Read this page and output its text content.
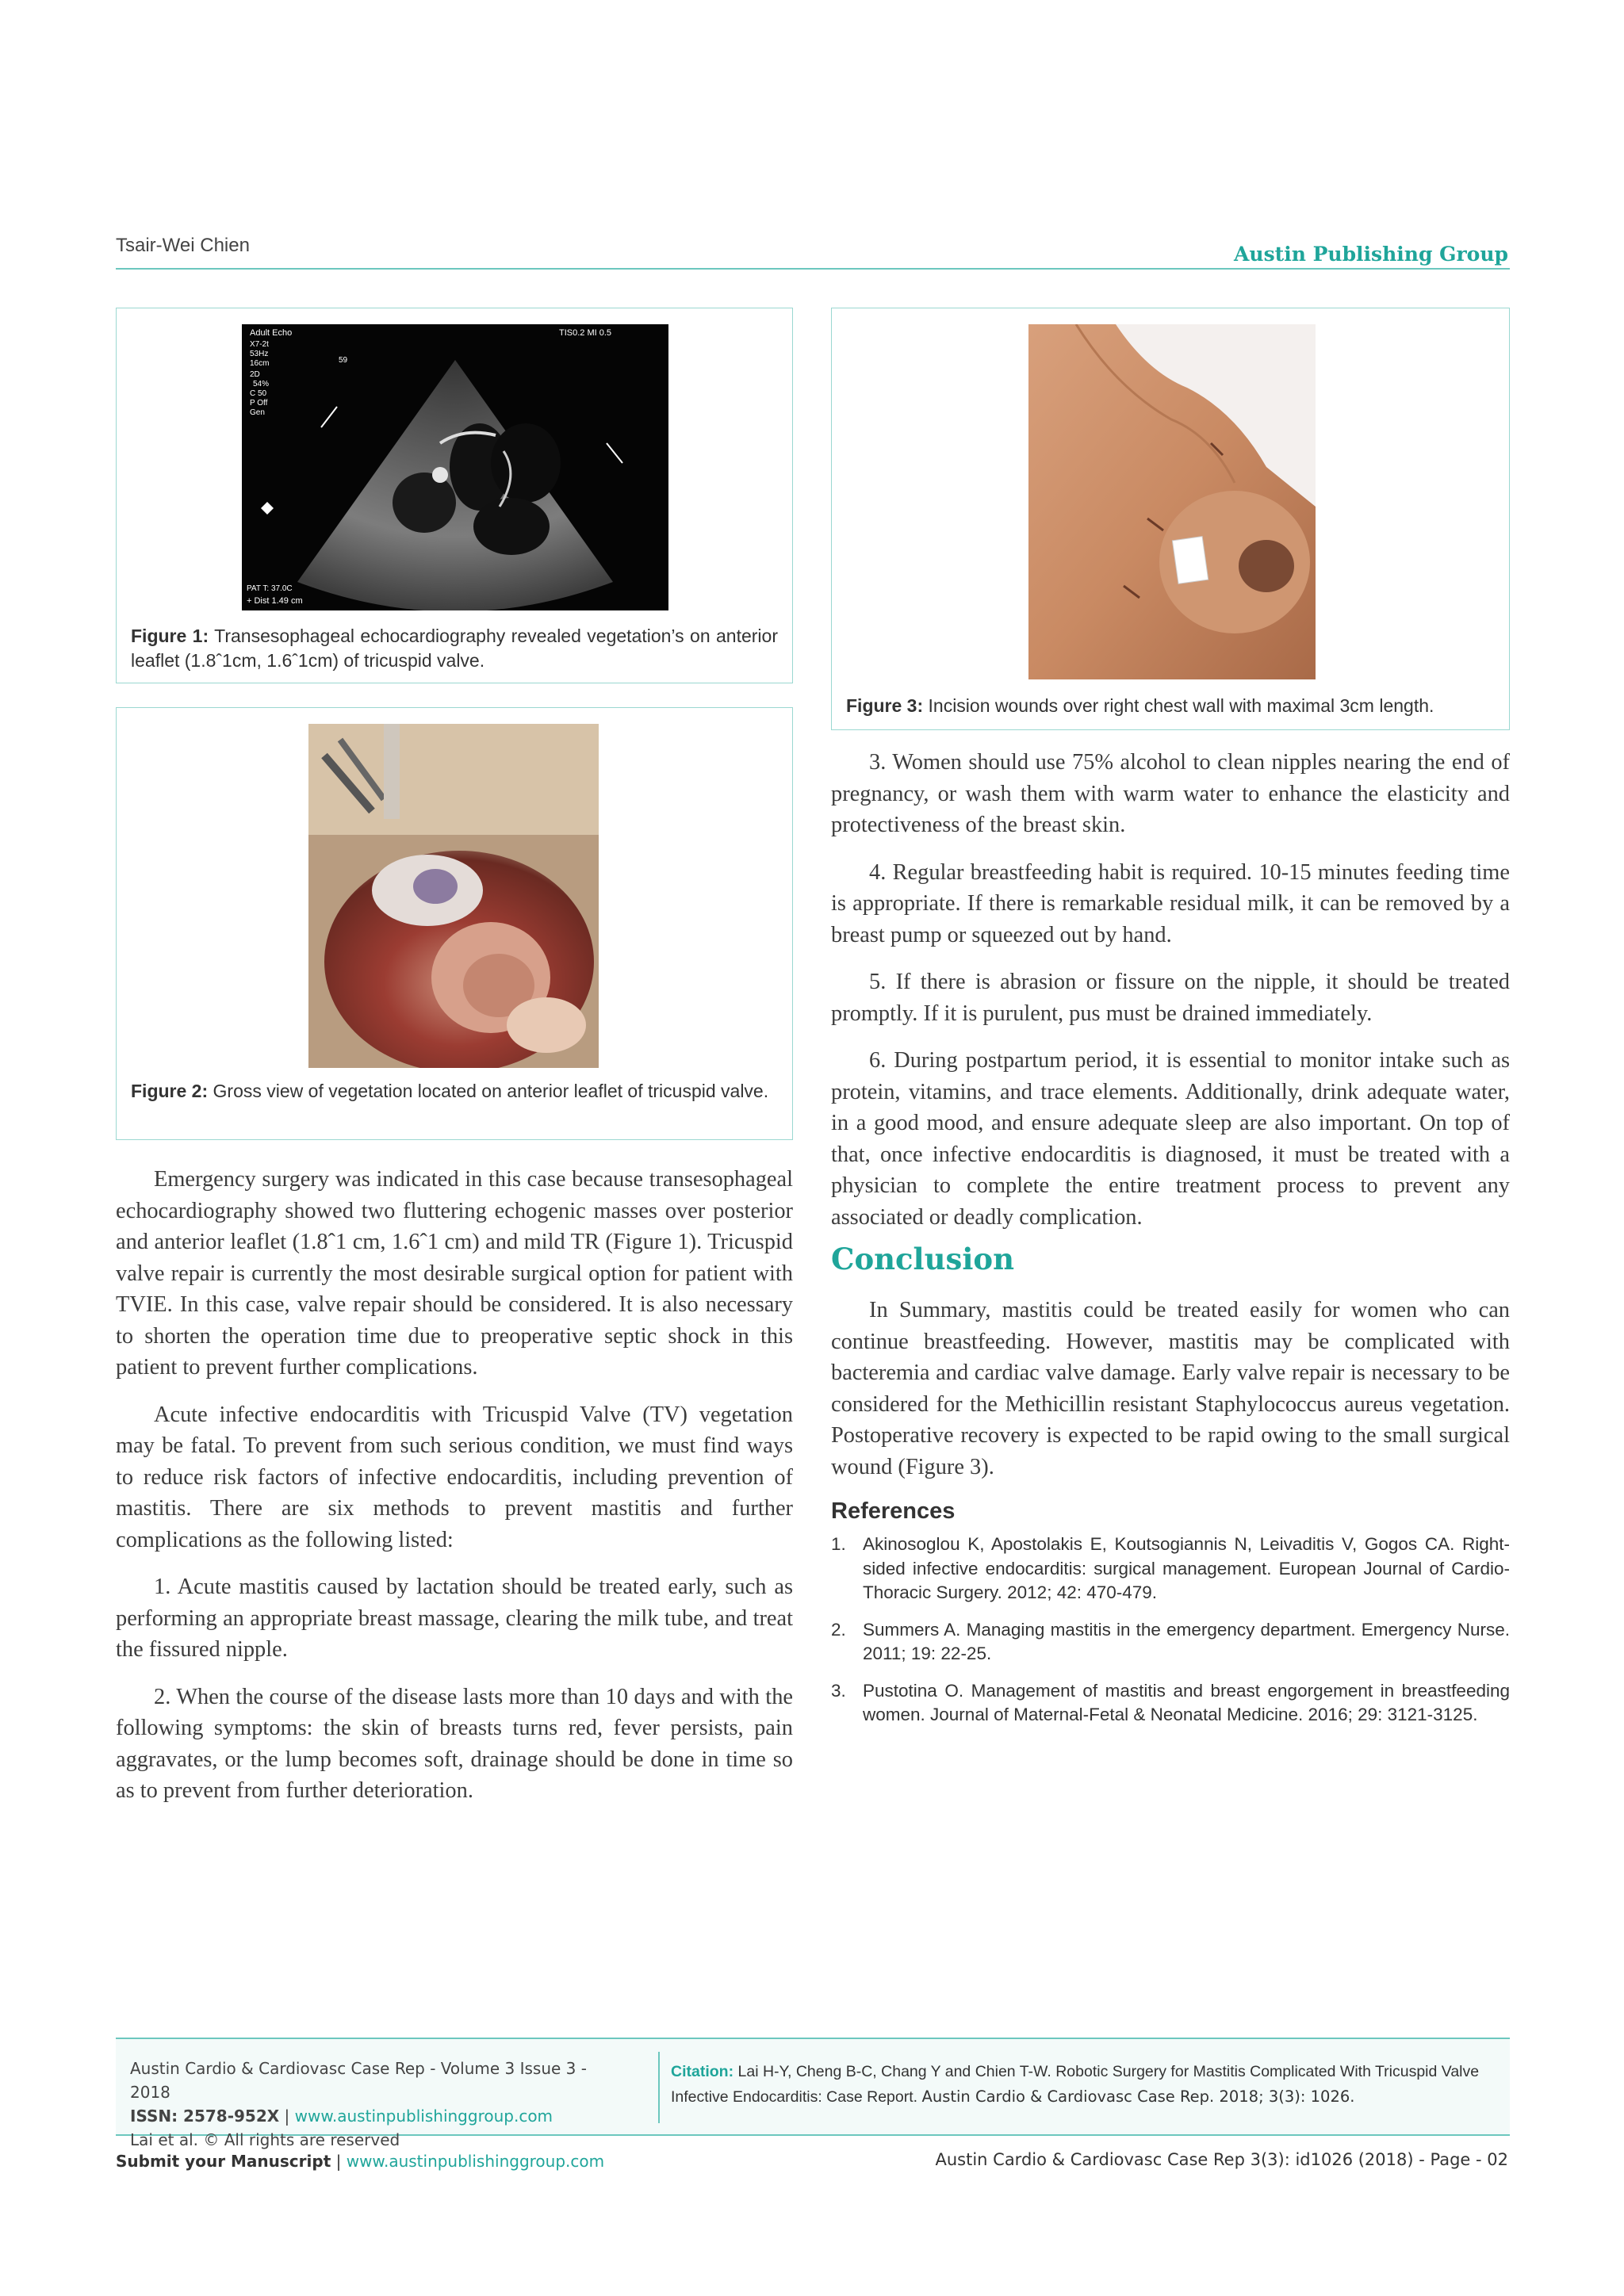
Tsair-Wei Chien	Austin Publishing Group
Adult Echo	TIS0.2 MI 0.5
X7-2t
53Hz
16cm
2D
54%
C 50
P Off
Gen
59
PAT T: 37.0C
+ Dist 1.49 cm
Figure 1: Transesophageal echocardiography revealed vegetation’s on anterior leaflet (1.8ˆ1cm, 1.6ˆ1cm) of tricuspid valve.
Figure 2: Gross view of vegetation located on anterior leaflet of tricuspid valve.
Figure 3: Incision wounds over right chest wall with maximal 3cm length.

Emergency surgery was indicated in this case because transesophageal echocardiography showed two fluttering echogenic masses over posterior and anterior leaflet (1.8ˆ1 cm, 1.6ˆ1 cm) and mild TR (Figure 1). Tricuspid valve repair is currently the most desirable surgical option for patient with TVIE. In this case, valve repair should be considered. It is also necessary to shorten the operation time due to preoperative septic shock in this patient to prevent further complications.

Acute infective endocarditis with Tricuspid Valve (TV) vegetation may be fatal. To prevent from such serious condition, we must find ways to reduce risk factors of infective endocarditis, including prevention of mastitis. There are six methods to prevent mastitis and further complications as the following listed:

1. Acute mastitis caused by lactation should be treated early, such as performing an appropriate breast massage, clearing the milk tube, and treat the fissured nipple.

2. When the course of the disease lasts more than 10 days and with the following symptoms: the skin of breasts turns red, fever persists, pain aggravates, or the lump becomes soft, drainage should be done in time so as to prevent from further deterioration.

3. Women should use 75% alcohol to clean nipples nearing the end of pregnancy, or wash them with warm water to enhance the elasticity and protectiveness of the breast skin.

4. Regular breastfeeding habit is required. 10-15 minutes feeding time is appropriate. If there is remarkable residual milk, it can be removed by a breast pump or squeezed out by hand.

5. If there is abrasion or fissure on the nipple, it should be treated promptly. If it is purulent, pus must be drained immediately.

6. During postpartum period, it is essential to monitor intake such as protein, vitamins, and trace elements. Additionally, drink adequate water, in a good mood, and ensure adequate sleep are also important. On top of that, once infective endocarditis is diagnosed, it must be treated with a physician to complete the entire treatment process to prevent any associated or deadly complication.

Conclusion

In Summary, mastitis could be treated easily for women who can continue breastfeeding. However, mastitis may be complicated with bacteremia and cardiac valve damage. Early valve repair is necessary to be considered for the Methicillin resistant Staphylococcus aureus vegetation. Postoperative recovery is expected to be rapid owing to the small surgical wound (Figure 3).

References
1. Akinosoglou K, Apostolakis E, Koutsogiannis N, Leivaditis V, Gogos CA. Right-sided infective endocarditis: surgical management. European Journal of Cardio-Thoracic Surgery. 2012; 42: 470-479.
2. Summers A. Managing mastitis in the emergency department. Emergency Nurse. 2011; 19: 22-25.
3. Pustotina O. Management of mastitis and breast engorgement in breastfeeding women. Journal of Maternal-Fetal & Neonatal Medicine. 2016; 29: 3121-3125.
Austin Cardio & Cardiovasc Case Rep - Volume 3 Issue 3 - 2018
ISSN: 2578-952X | www.austinpublishinggroup.com
Lai et al. © All rights are reserved
Citation: Lai H-Y, Cheng B-C, Chang Y and Chien T-W. Robotic Surgery for Mastitis Complicated With Tricuspid Valve Infective Endocarditis: Case Report. Austin Cardio & Cardiovasc Case Rep. 2018; 3(3): 1026.
Submit your Manuscript | www.austinpublishinggroup.com	Austin Cardio & Cardiovasc Case Rep 3(3): id1026 (2018) - Page - 02
